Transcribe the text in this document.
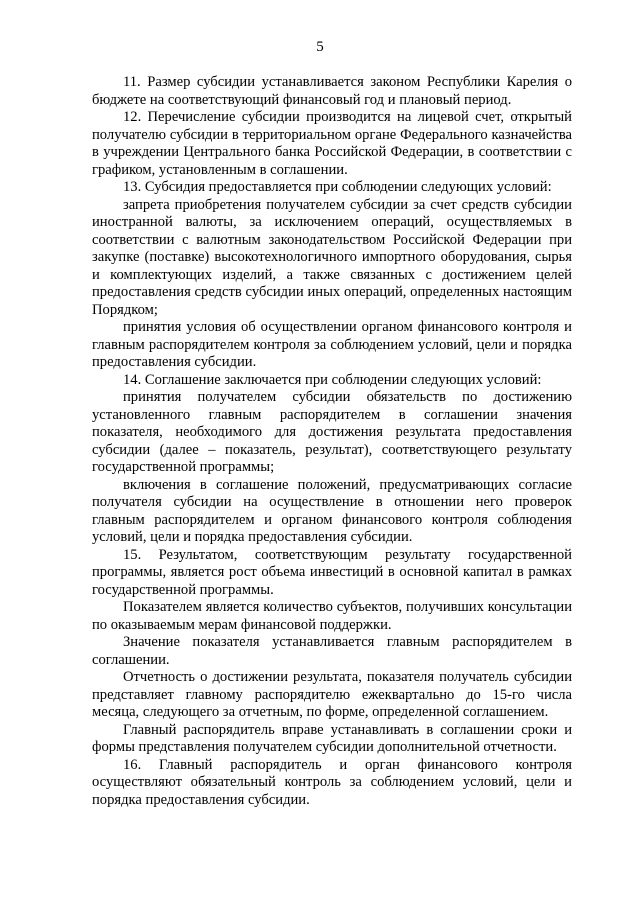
5

11. Размер субсидии устанавливается законом Республики Карелия о бюджете на соответствующий финансовый год и плановый период.

12. Перечисление субсидии производится на лицевой счет, открытый получателю субсидии в территориальном органе Федерального казначейства в учреждении Центрального банка Российской Федерации, в соответствии с графиком, установленным в соглашении.

13. Субсидия предоставляется при соблюдении следующих условий:

запрета приобретения получателем субсидии за счет средств субсидии иностранной валюты, за исключением операций, осуществляемых в соответствии с валютным законодательством Российской Федерации при закупке (поставке) высокотехнологичного импортного оборудования, сырья и комплектующих изделий, а также связанных с достижением целей предоставления средств субсидии иных операций, определенных настоящим Порядком;

принятия условия об осуществлении органом финансового контроля и главным распорядителем контроля за соблюдением условий, цели и порядка предоставления субсидии.

14. Соглашение заключается при соблюдении следующих условий:

принятия получателем субсидии обязательств по достижению установленного главным распорядителем в соглашении значения показателя, необходимого для достижения результата предоставления субсидии (далее – показатель, результат), соответствующего результату государственной программы;

включения в соглашение положений, предусматривающих согласие получателя субсидии на осуществление в отношении него проверок главным распорядителем и органом финансового контроля соблюдения условий, цели и порядка предоставления субсидии.

15. Результатом, соответствующим результату государственной программы, является рост объема инвестиций в основной капитал в рамках государственной программы.

Показателем является количество субъектов, получивших консультации по оказываемым мерам финансовой поддержки.

Значение показателя устанавливается главным распорядителем в соглашении.

Отчетность о достижении результата, показателя получатель субсидии представляет главному распорядителю ежеквартально до 15-го числа месяца, следующего за отчетным, по форме, определенной соглашением.

Главный распорядитель вправе устанавливать в соглашении сроки и формы представления получателем субсидии дополнительной отчетности.

16. Главный распорядитель и орган финансового контроля осуществляют обязательный контроль за соблюдением условий, цели и порядка предоставления субсидии.
